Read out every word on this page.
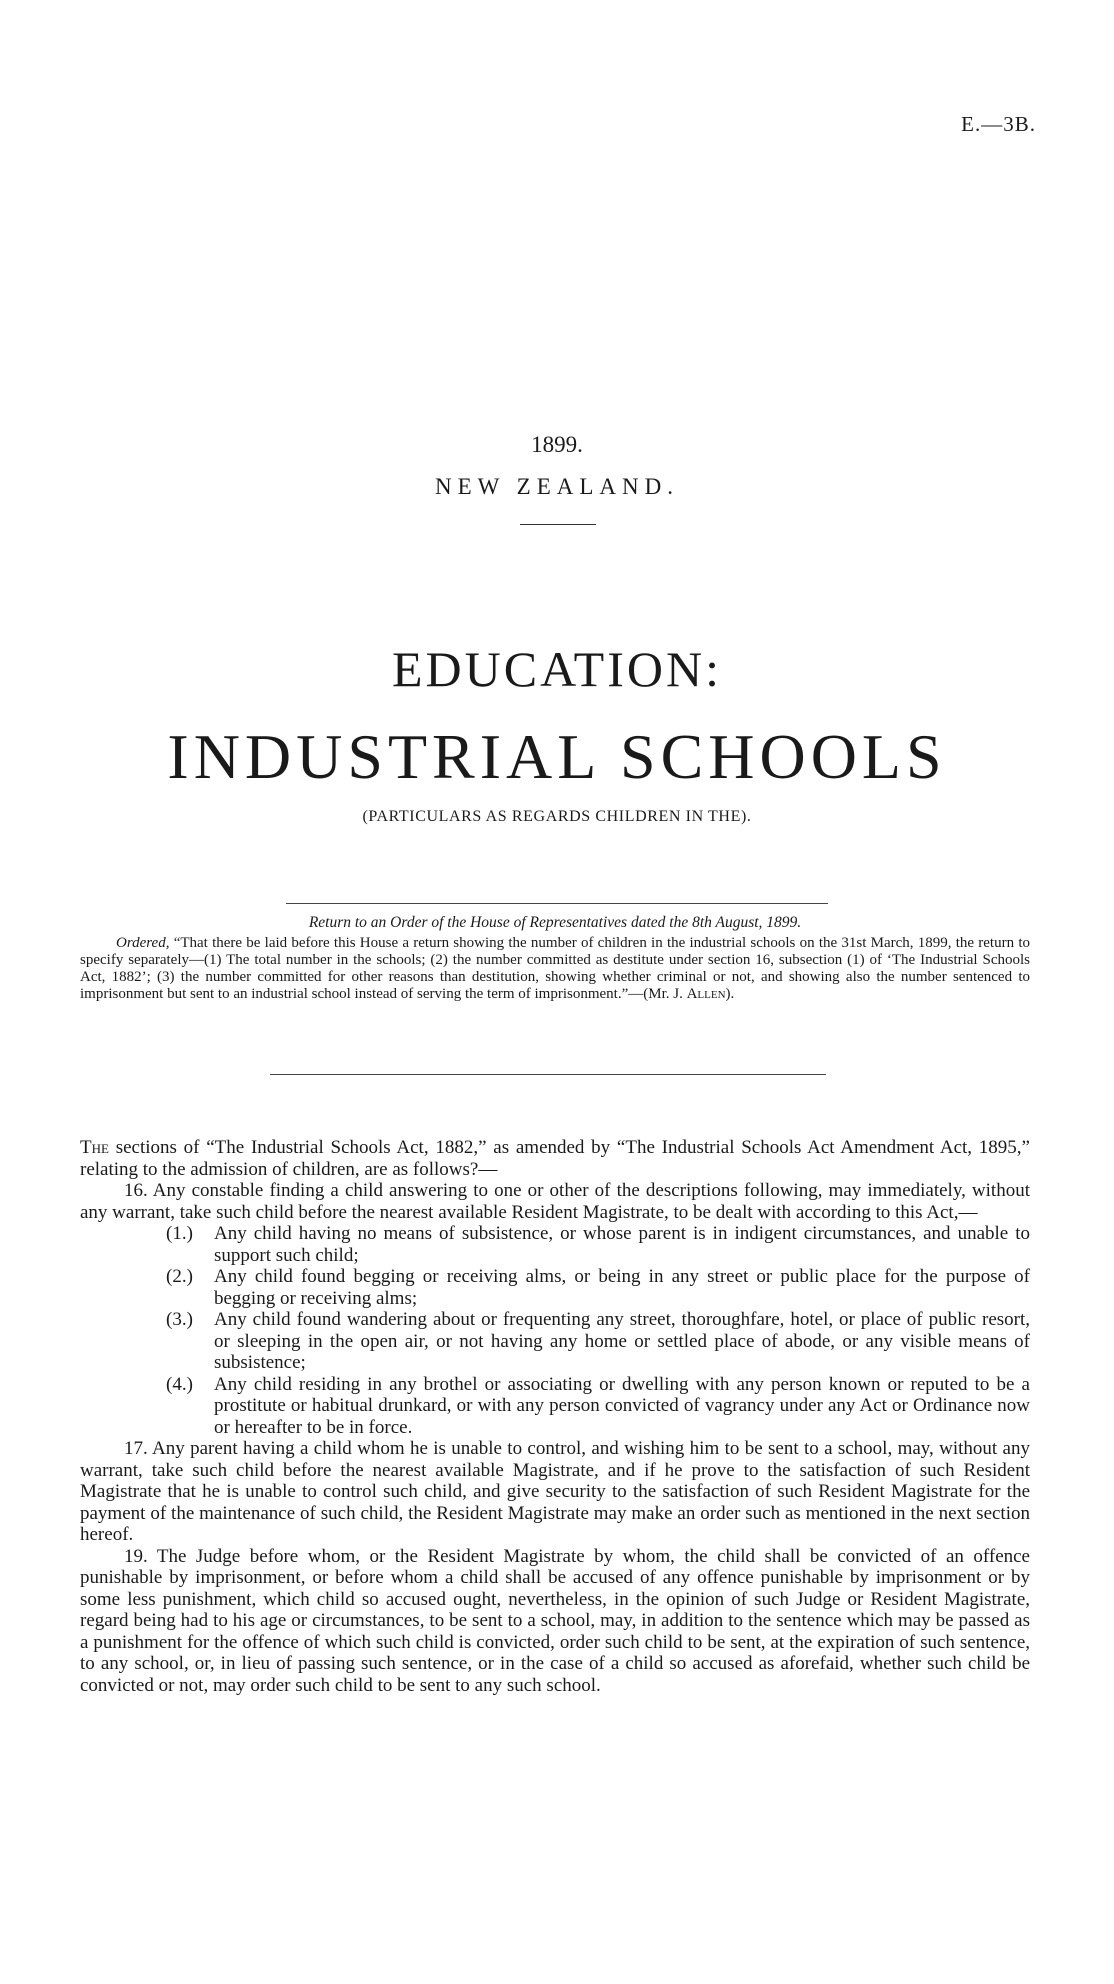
E.—3B.
1899.
NEW ZEALAND.
EDUCATION:
INDUSTRIAL SCHOOLS
(PARTICULARS AS REGARDS CHILDREN IN THE).

Return to an Order of the House of Representatives dated the 8th August, 1899.

Ordered, “That there be laid before this House a return showing the number of children in the industrial schools on the 31st March, 1899, the return to specify separately—(1) The total number in the schools; (2) the number committed as destitute under section 16, subsection (1) of ‘The Industrial Schools Act, 1882’; (3) the number committed for other reasons than destitution, showing whether criminal or not, and showing also the number sentenced to imprisonment but sent to an industrial school instead of serving the term of imprisonment.”—(Mr. J. Allen).

The sections of “The Industrial Schools Act, 1882,” as amended by “The Industrial Schools Act Amendment Act, 1895,” relating to the admission of children, are as follows?—

16. Any constable finding a child answering to one or other of the descriptions following, may immediately, without any warrant, take such child before the nearest available Resident Magistrate, to be dealt with according to this Act,—

(1.)	Any child having no means of subsistence, or whose parent is in indigent circumstances, and unable to support such child;
(2.)	Any child found begging or receiving alms, or being in any street or public place for the purpose of begging or receiving alms;
(3.)	Any child found wandering about or frequenting any street, thoroughfare, hotel, or place of public resort, or sleeping in the open air, or not having any home or settled place of abode, or any visible means of subsistence;
(4.)	Any child residing in any brothel or associating or dwelling with any person known or reputed to be a prostitute or habitual drunkard, or with any person convicted of vagrancy under any Act or Ordinance now or hereafter to be in force.

17. Any parent having a child whom he is unable to control, and wishing him to be sent to a school, may, without any warrant, take such child before the nearest available Magistrate, and if he prove to the satisfaction of such Resident Magistrate that he is unable to control such child, and give security to the satisfaction of such Resident Magistrate for the payment of the maintenance of such child, the Resident Magistrate may make an order such as mentioned in the next section hereof.

19. The Judge before whom, or the Resident Magistrate by whom, the child shall be convicted of an offence punishable by imprisonment, or before whom a child shall be accused of any offence punishable by imprisonment or by some less punishment, which child so accused ought, nevertheless, in the opinion of such Judge or Resident Magistrate, regard being had to his age or circumstances, to be sent to a school, may, in addition to the sentence which may be passed as a punishment for the offence of which such child is convicted, order such child to be sent, at the expiration of such sentence, to any school, or, in lieu of passing such sentence, or in the case of a child so accused as aforefaid, whether such child be convicted or not, may order such child to be sent to any such school.
